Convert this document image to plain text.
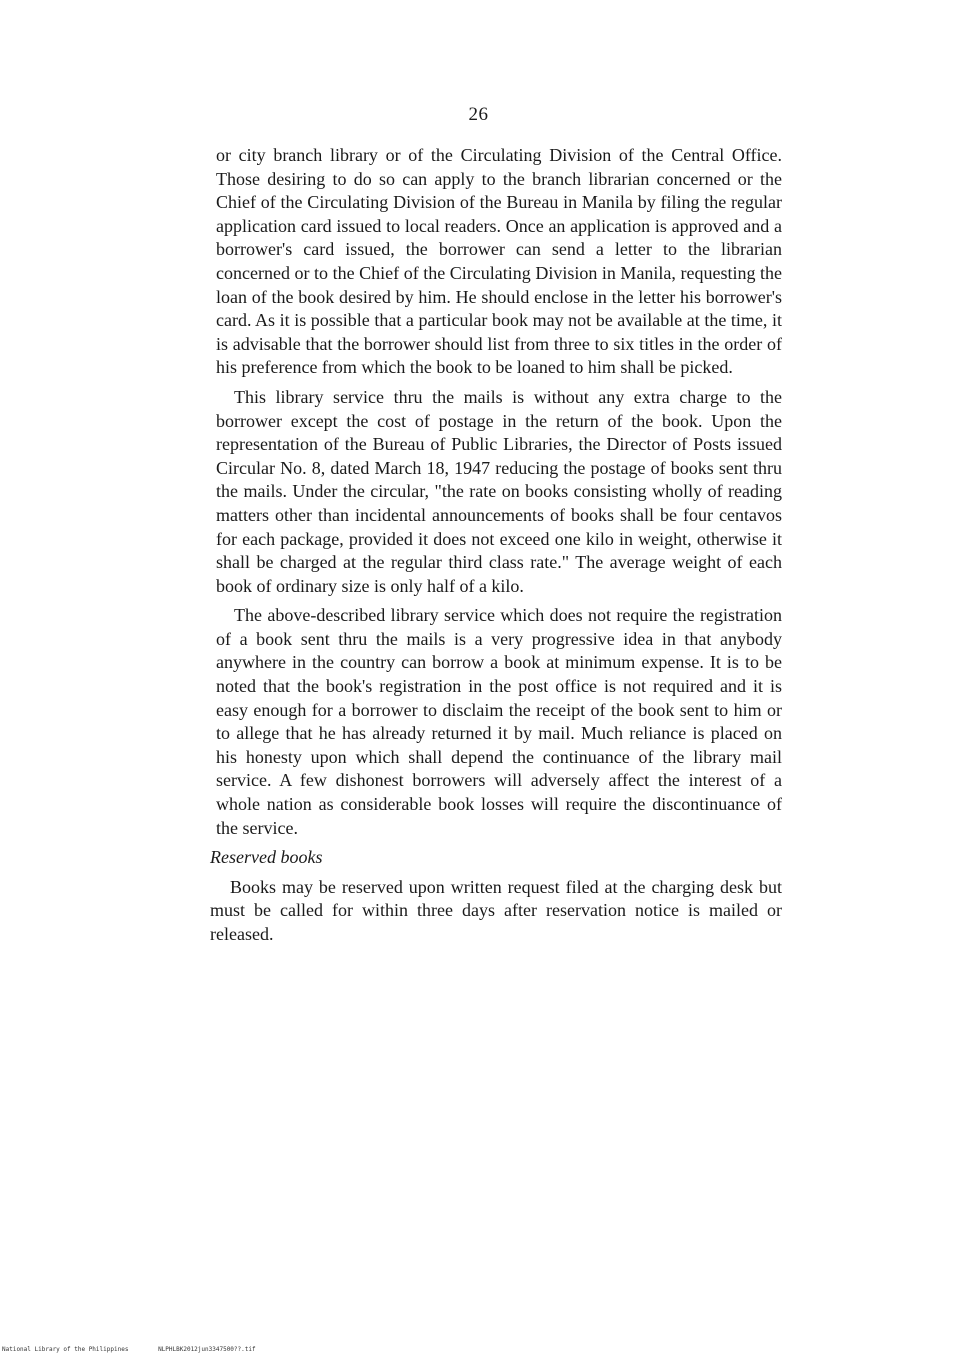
26

or city branch library or of the Circulating Division of the Central Office. Those desiring to do so can apply to the branch librarian concerned or the Chief of the Circulating Division of the Bureau in Manila by filing the regular application card issued to local readers. Once an application is approved and a borrower's card issued, the borrower can send a letter to the librarian concerned or to the Chief of the Circulating Division in Manila, requesting the loan of the book desired by him. He should enclose in the letter his borrower's card. As it is possible that a particular book may not be available at the time, it is advisable that the borrower should list from three to six titles in the order of his preference from which the book to be loaned to him shall be picked.

This library service thru the mails is without any extra charge to the borrower except the cost of postage in the return of the book. Upon the representation of the Bureau of Public Libraries, the Director of Posts issued Circular No. 8, dated March 18, 1947 reducing the postage of books sent thru the mails. Under the circular, "the rate on books consisting wholly of reading matters other than incidental announcements of books shall be four centavos for each package, provided it does not exceed one kilo in weight, otherwise it shall be charged at the regular third class rate." The average weight of each book of ordinary size is only half of a kilo.

The above-described library service which does not require the registration of a book sent thru the mails is a very progressive idea in that anybody anywhere in the country can borrow a book at minimum expense. It is to be noted that the book's registration in the post office is not required and it is easy enough for a borrower to disclaim the receipt of the book sent to him or to allege that he has already returned it by mail. Much reliance is placed on his honesty upon which shall depend the continuance of the library mail service. A few dishonest borrowers will adversely affect the interest of a whole nation as considerable book losses will require the discontinuance of the service.

Reserved books

Books may be reserved upon written request filed at the charging desk but must be called for within three days after reservation notice is mailed or released.

National Library of the Philippines	NLPHLBK2012jun3347500??.tif
